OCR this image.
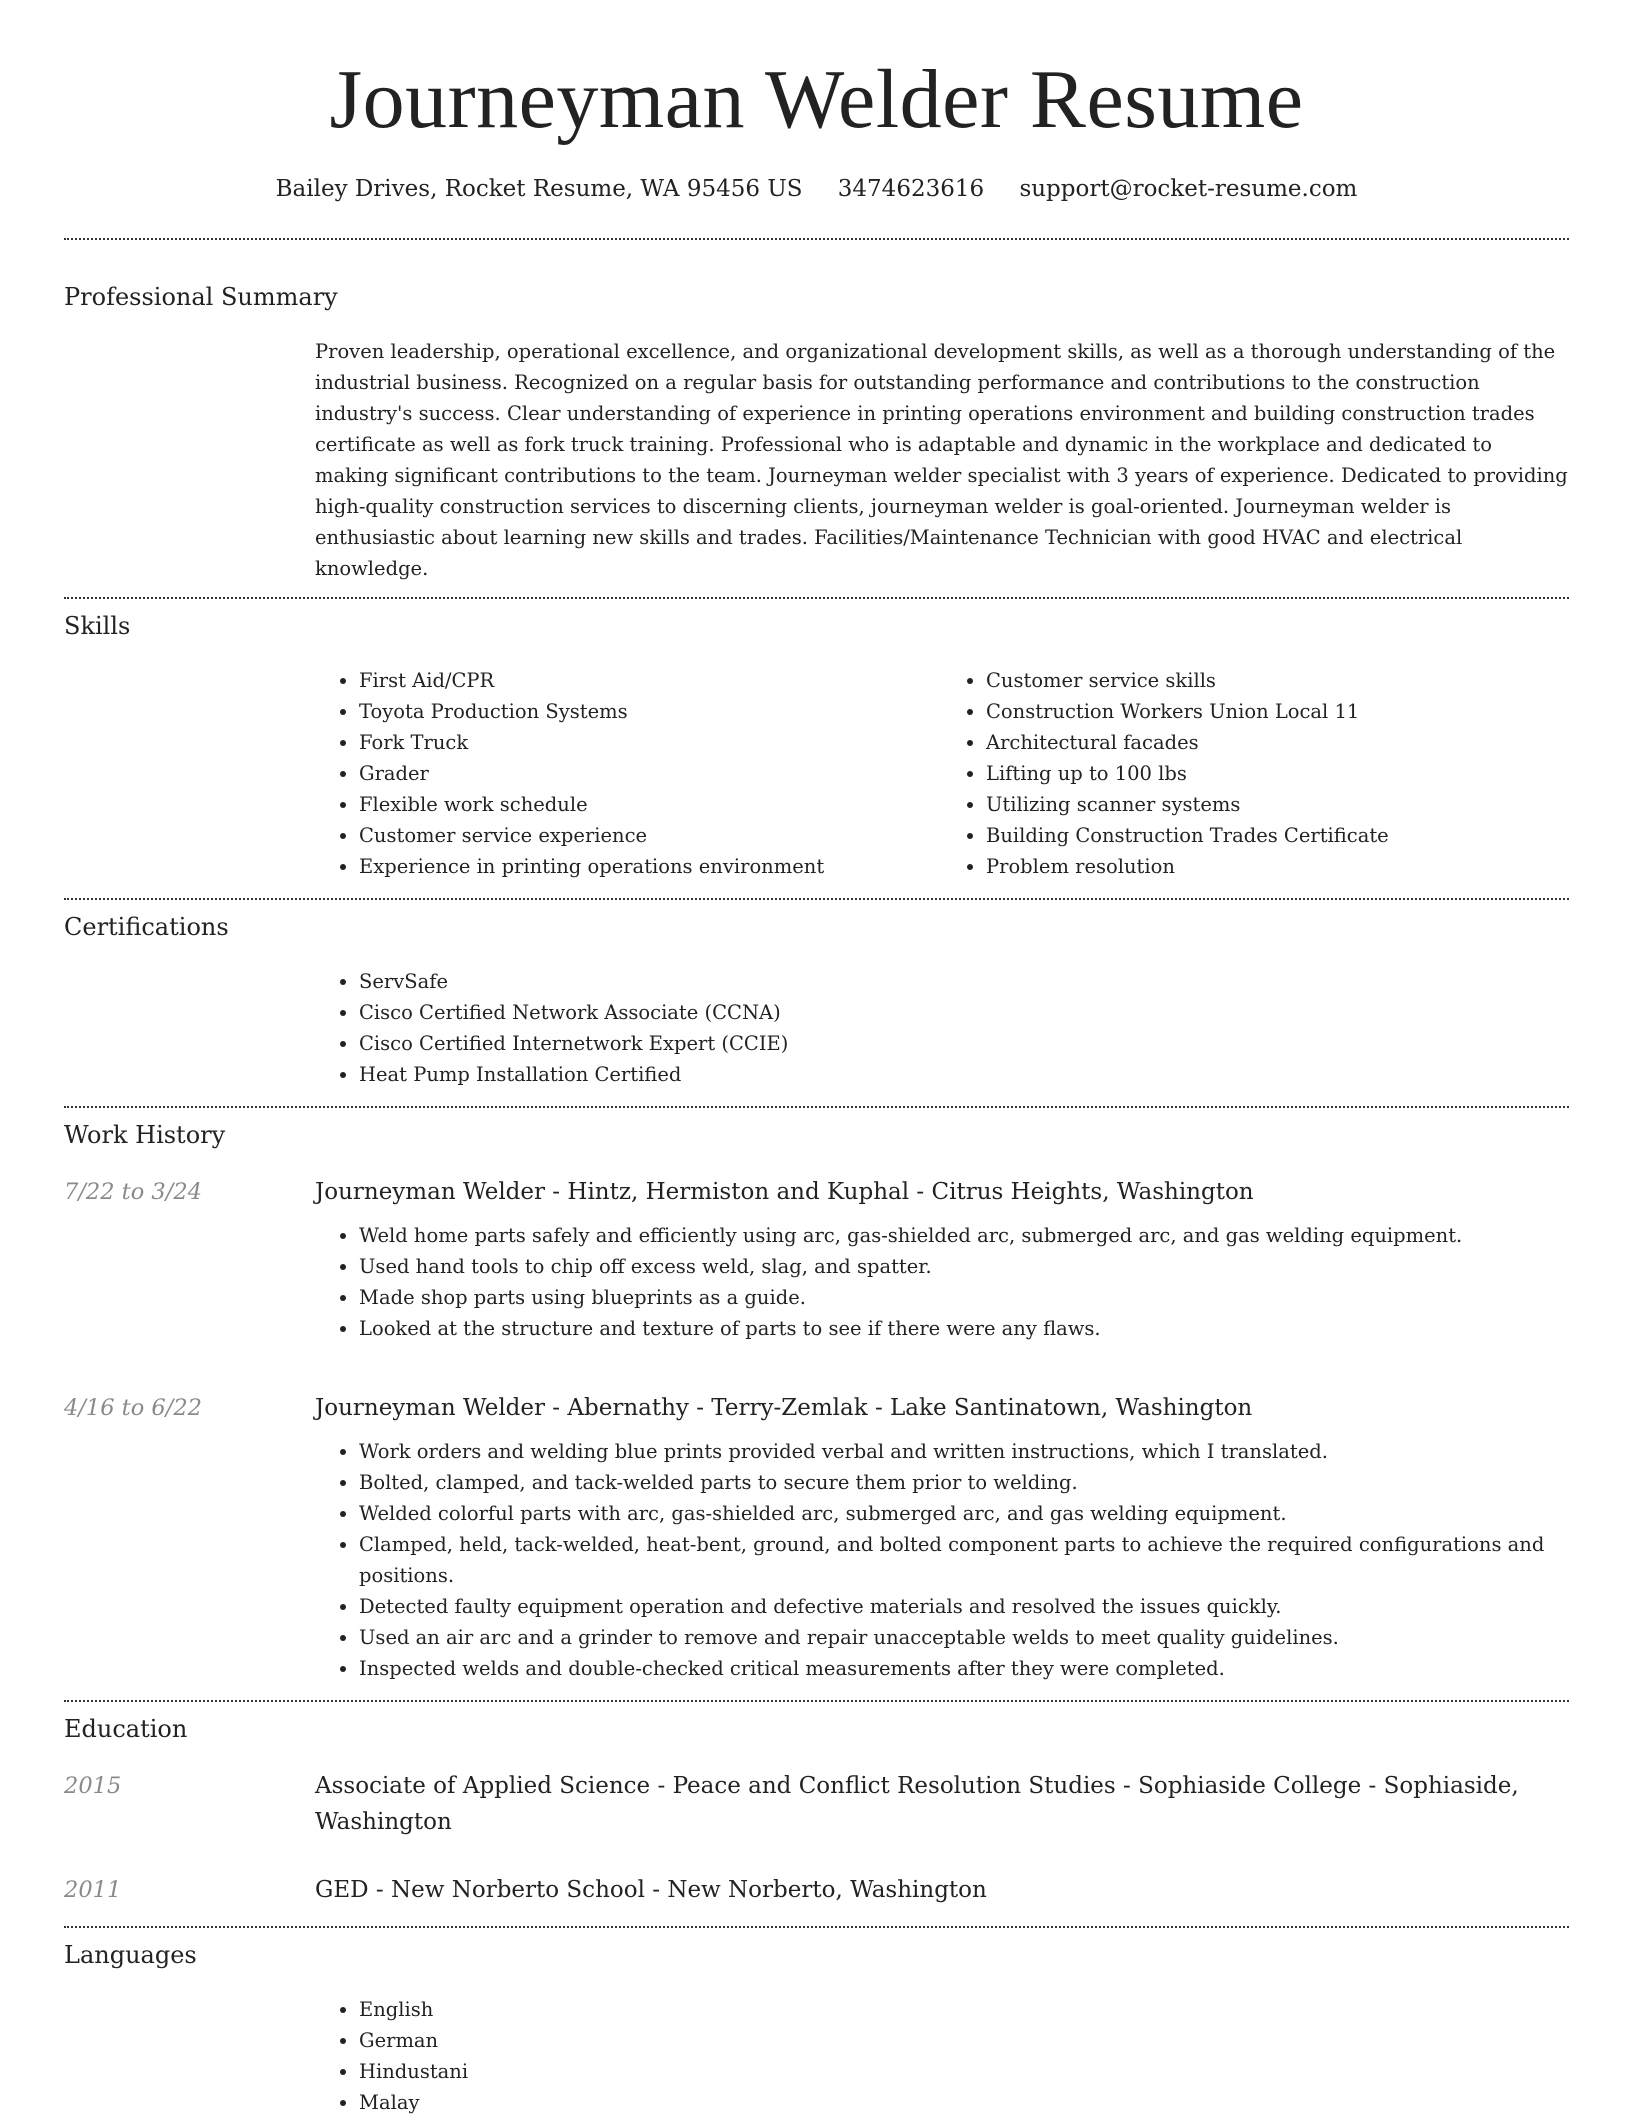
Journeyman Welder Resume
Bailey Drives, Rocket Resume, WA 95456 US 3474623616 support@rocket-resume.com
Professional Summary
Proven leadership, operational excellence, and organizational development skills, as well as a thorough understanding of the industrial business. Recognized on a regular basis for outstanding performance and contributions to the construction industry's success. Clear understanding of experience in printing operations environment and building construction trades certificate as well as fork truck training. Professional who is adaptable and dynamic in the workplace and dedicated to making significant contributions to the team. Journeyman welder specialist with 3 years of experience. Dedicated to providing high-quality construction services to discerning clients, journeyman welder is goal-oriented. Journeyman welder is enthusiastic about learning new skills and trades. Facilities/Maintenance Technician with good HVAC and electrical knowledge.
Skills
• First Aid/CPR
• Toyota Production Systems
• Fork Truck
• Grader
• Flexible work schedule
• Customer service experience
• Experience in printing operations environment
• Customer service skills
• Construction Workers Union Local 11
• Architectural facades
• Lifting up to 100 lbs
• Utilizing scanner systems
• Building Construction Trades Certificate
• Problem resolution
Certifications
• ServSafe
• Cisco Certified Network Associate (CCNA)
• Cisco Certified Internetwork Expert (CCIE)
• Heat Pump Installation Certified
Work History
7/22 to 3/24	Journeyman Welder - Hintz, Hermiston and Kuphal - Citrus Heights, Washington
• Weld home parts safely and efficiently using arc, gas-shielded arc, submerged arc, and gas welding equipment.
• Used hand tools to chip off excess weld, slag, and spatter.
• Made shop parts using blueprints as a guide.
• Looked at the structure and texture of parts to see if there were any flaws.
4/16 to 6/22	Journeyman Welder - Abernathy - Terry-Zemlak - Lake Santinatown, Washington
• Work orders and welding blue prints provided verbal and written instructions, which I translated.
• Bolted, clamped, and tack-welded parts to secure them prior to welding.
• Welded colorful parts with arc, gas-shielded arc, submerged arc, and gas welding equipment.
• Clamped, held, tack-welded, heat-bent, ground, and bolted component parts to achieve the required configurations and positions.
• Detected faulty equipment operation and defective materials and resolved the issues quickly.
• Used an air arc and a grinder to remove and repair unacceptable welds to meet quality guidelines.
• Inspected welds and double-checked critical measurements after they were completed.
Education
2015	Associate of Applied Science - Peace and Conflict Resolution Studies - Sophiaside College - Sophiaside, Washington
2011	GED - New Norberto School - New Norberto, Washington
Languages
• English
• German
• Hindustani
• Malay
